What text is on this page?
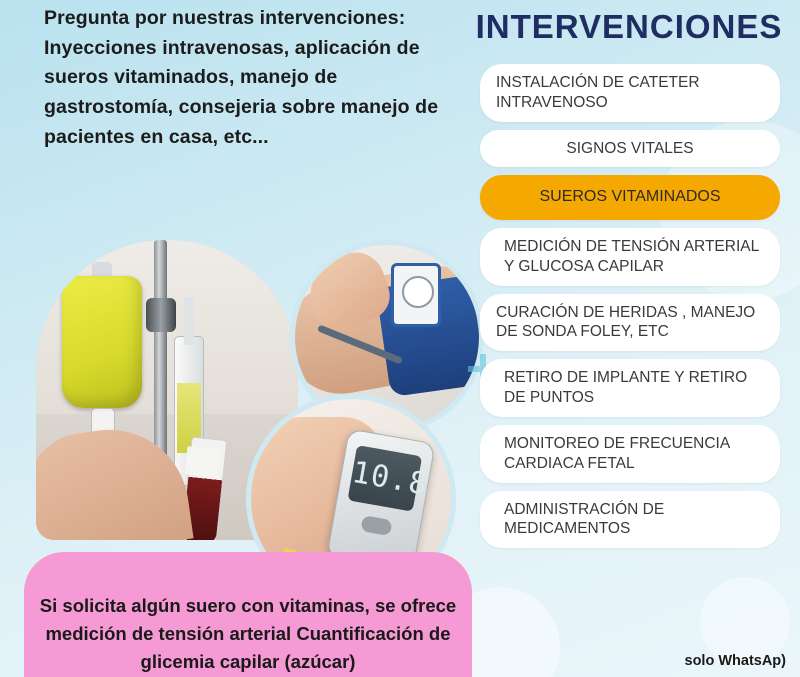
Pregunta por nuestras intervenciones: Inyecciones intravenosas, aplicación de sueros vitaminados, manejo de gastrostomía, consejeria sobre manejo de pacientes en casa, etc...
10.8
Si solicita algún suero con vitaminas, se ofrece medición de tensión arterial Cuantificación de glicemia capilar (azúcar)
INTERVENCIONES
INSTALACIÓN DE CATETER INTRAVENOSO
SIGNOS VITALES
SUEROS VITAMINADOS
MEDICIÓN DE TENSIÓN ARTERIAL Y GLUCOSA CAPILAR
CURACIÓN DE HERIDAS , MANEJO DE SONDA FOLEY, ETC
RETIRO DE IMPLANTE Y RETIRO DE PUNTOS
MONITOREO DE FRECUENCIA CARDIACA FETAL
ADMINISTRACIÓN DE MEDICAMENTOS
solo WhatsAp)
